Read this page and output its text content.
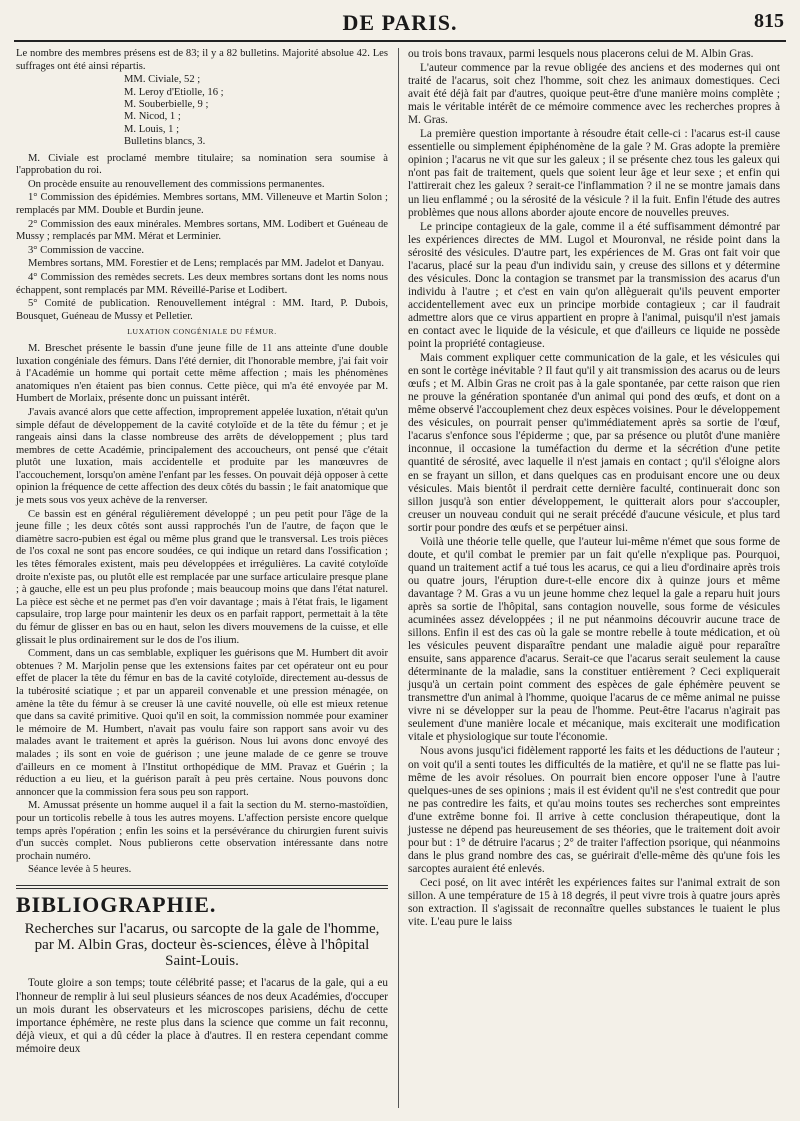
DE PARIS.	815

Le nombre des membres présens est de 83; il y a 82 bulletins. Majorité absolue 42. Les suffrages ont été ainsi répartis.

MM. Civiale, 52 ;
M. Leroy d'Etiolle, 16 ;
M. Souberbielle, 9 ;
M. Nicod, 1 ;
M. Louis, 1 ;
Bulletins blancs, 3.

M. Civiale est proclamé membre titulaire; sa nomination sera soumise à l'approbation du roi.

On procède ensuite au renouvellement des commissions permanentes.

1° Commission des épidémies. Membres sortans, MM. Villeneuve et Martin Solon ; remplacés par MM. Double et Burdin jeune.

2° Commission des eaux minérales. Membres sortans, MM. Lodibert et Guéneau de Mussy ; remplacés par MM. Mérat et Lerminier.

3° Commission de vaccine.

Membres sortans, MM. Forestier et de Lens; remplacés par MM. Jadelot et Danyau.

4° Commission des remèdes secrets. Les deux membres sortans dont les noms nous échappent, sont remplacés par MM. Réveillé-Parise et Lodibert.

5° Comité de publication. Renouvellement intégral : MM. Itard, P. Dubois, Bousquet, Guéneau de Mussy et Pelletier.

LUXATION CONGÉNIALE DU FÉMUR.

M. Breschet présente le bassin d'une jeune fille de 11 ans atteinte d'une double luxation congéniale des fémurs. Dans l'été dernier, dit l'honorable membre, j'ai fait voir à l'Académie un homme qui portait cette même affection ; mais les phénomènes anatomiques n'en étaient pas bien connus. Cette pièce, qui m'a été envoyée par M. Humbert de Morlaix, présente donc un puissant intérêt.

J'avais avancé alors que cette affection, improprement appelée luxation, n'était qu'un simple défaut de développement de la cavité cotyloïde et de la tête du fémur ; et je rangeais ainsi dans la classe nombreuse des arrêts de développement ; plus tard membres de cette Académie, principalement des accoucheurs, ont pensé que c'était plutôt une luxation, mais accidentelle et produite par les manœuvres de l'accouchement, lorsqu'on amène l'enfant par les fesses. On pouvait déjà opposer à cette opinion la fréquence de cette affection des deux côtés du bassin ; le fait anatomique que je mets sous vos yeux achève de la renverser.

Ce bassin est en général régulièrement développé ; un peu petit pour l'âge de la jeune fille ; les deux côtés sont aussi rapprochés l'un de l'autre, de façon que le diamètre sacro-pubien est égal ou même plus grand que le transversal. Les trois pièces de l'os coxal ne sont pas encore soudées, ce qui indique un retard dans l'ossification ; les têtes fémorales existent, mais peu développées et irrégulières. La cavité cotyloïde droite n'existe pas, ou plutôt elle est remplacée par une surface articulaire presque plane ; à gauche, elle est un peu plus profonde ; mais beaucoup moins que dans l'état naturel. La pièce est sèche et ne permet pas d'en voir davantage ; mais à l'état frais, le ligament capsulaire, trop large pour maintenir les deux os en parfait rapport, permettait à la tête du fémur de glisser en bas ou en haut, selon les divers mouvemens de la cuisse, et elle glissait le plus ordinairement sur le dos de l'os ilium.

Comment, dans un cas semblable, expliquer les guérisons que M. Humbert dit avoir obtenues ? M. Marjolin pense que les extensions faites par cet opérateur ont eu pour effet de placer la tête du fémur en bas de la cavité cotyloïde, directement au-dessus de la tubérosité sciatique ; et par un appareil convenable et une pression ménagée, on amène la tête du fémur à se creuser là une cavité nouvelle, où elle est mieux retenue que dans sa cavité primitive. Quoi qu'il en soit, la commission nommée pour examiner le mémoire de M. Humbert, n'avait pas voulu faire son rapport sans avoir vu des malades avant le traitement et après la guérison. Nous lui avons donc envoyé des malades ; ils sont en voie de guérison ; une jeune malade de ce genre se trouve d'ailleurs en ce moment à l'Institut orthopédique de MM. Pravaz et Guérin ; la réduction a eu lieu, et la guérison paraît à peu près certaine. Nous pouvons donc annoncer que la commission fera sous peu son rapport.

M. Amussat présente un homme auquel il a fait la section du M. sterno-mastoïdien, pour un torticolis rebelle à tous les autres moyens. L'affection persiste encore quelque temps après l'opération ; enfin les soins et la persévérance du chirurgien furent suivis d'un succès complet. Nous publierons cette observation intéressante dans notre prochain numéro.

Séance levée à 5 heures.

BIBLIOGRAPHIE.
Recherches sur l'acarus, ou sarcopte de la gale de l'homme, par M. Albin Gras, docteur ès-sciences, élève à l'hôpital Saint-Louis.

Toute gloire a son temps; toute célébrité passe; et l'acarus de la gale, qui a eu l'honneur de remplir à lui seul plusieurs séances de nos deux Académies, d'occuper un mois durant les observateurs et les microscopes parisiens, déchu de cette importance éphémère, ne reste plus dans la science que comme un fait reconnu, déjà vieux, et qui a dû céder la place à d'autres. Il en restera cependant comme mémoire deux

ou trois bons travaux, parmi lesquels nous placerons celui de M. Albin Gras.

L'auteur commence par la revue obligée des anciens et des modernes qui ont traité de l'acarus, soit chez l'homme, soit chez les animaux domestiques. Ceci avait été déjà fait par d'autres, quoique peut-être d'une manière moins complète ; mais le véritable intérêt de ce mémoire commence avec les recherches propres à M. Gras.

La première question importante à résoudre était celle-ci : l'acarus est-il cause essentielle ou simplement épiphénomène de la gale ? M. Gras adopte la première opinion ; l'acarus ne vit que sur les galeux ; il se présente chez tous les galeux qui n'ont pas fait de traitement, quels que soient leur âge et leur sexe ; et enfin qui l'attirerait chez les galeux ? serait-ce l'inflammation ? il ne se montre jamais dans un lieu enflammé ; ou la sérosité de la vésicule ? il la fuit. Enfin l'étude des autres problèmes que nous allons aborder ajoute encore de nouvelles preuves.

Le principe contagieux de la gale, comme il a été suffisamment démontré par les expériences directes de MM. Lugol et Mouronval, ne réside point dans la sérosité des vésicules. D'autre part, les expériences de M. Gras ont fait voir que l'acarus, placé sur la peau d'un individu sain, y creuse des sillons et y détermine des vésicules. Donc la contagion se transmet par la transmission des acarus d'un individu à l'autre ; et c'est en vain qu'on allèguerait qu'ils peuvent emporter accidentellement avec eux un principe morbide contagieux ; car il faudrait admettre alors que ce virus appartient en propre à l'animal, puisqu'il n'est jamais en contact avec le liquide de la vésicule, et que d'ailleurs ce liquide ne possède point la propriété contagieuse.

Mais comment expliquer cette communication de la gale, et les vésicules qui en sont le cortège inévitable ? Il faut qu'il y ait transmission des acarus ou de leurs œufs ; et M. Albin Gras ne croit pas à la gale spontanée, par cette raison que rien ne prouve la génération spontanée d'un animal qui pond des œufs, et dont on a même observé l'accouplement chez deux espèces voisines. Pour le développement des vésicules, on pourrait penser qu'immédiatement après sa sortie de l'œuf, l'acarus s'enfonce sous l'épiderme ; que, par sa présence ou plutôt d'une manière inconnue, il occasione la tuméfaction du derme et la sécrétion d'une petite quantité de sérosité, avec laquelle il n'est jamais en contact ; qu'il s'éloigne alors en se frayant un sillon, et dans quelques cas en produisant encore une ou deux vésicules. Mais bientôt il perdrait cette dernière faculté, continuerait donc son sillon jusqu'à son entier développement, le quitterait alors pour s'accoupler, creuser un nouveau conduit qui ne serait précédé d'aucune vésicule, et plus tard sortir pour pondre des œufs et se perpétuer ainsi.

Voilà une théorie telle quelle, que l'auteur lui-même n'émet que sous forme de doute, et qu'il combat le premier par un fait qu'elle n'explique pas. Pourquoi, quand un traitement actif a tué tous les acarus, ce qui a lieu d'ordinaire après trois ou quatre jours, l'éruption dure-t-elle encore dix à quinze jours et même davantage ? M. Gras a vu un jeune homme chez lequel la gale a reparu huit jours après sa sortie de l'hôpital, sans contagion nouvelle, sous forme de vésicules acuminées assez développées ; il ne put néanmoins découvrir aucune trace de sillons. Enfin il est des cas où la gale se montre rebelle à toute médication, et où les vésicules peuvent disparaître pendant une maladie aiguë pour reparaître ensuite, sans apparence d'acarus. Serait-ce que l'acarus serait seulement la cause déterminante de la maladie, sans la constituer entièrement ? Ceci expliquerait jusqu'à un certain point comment des espèces de gale éphémère peuvent se transmettre d'un animal à l'homme, quoique l'acarus de ce même animal ne puisse vivre ni se développer sur la peau de l'homme. Peut-être l'acarus n'agirait pas seulement d'une manière locale et mécanique, mais exciterait une modification vitale et physiologique sur toute l'économie.

Nous avons jusqu'ici fidèlement rapporté les faits et les déductions de l'auteur ; on voit qu'il a senti toutes les difficultés de la matière, et qu'il ne se flatte pas lui-même de les avoir résolues. On pourrait bien encore opposer l'une à l'autre quelques-unes de ses opinions ; mais il est évident qu'il ne s'est contredit que pour ne pas contredire les faits, et qu'au moins toutes ses recherches sont empreintes d'une extrême bonne foi. Il arrive à cette conclusion thérapeutique, dont la justesse ne dépend pas heureusement de ses théories, que le traitement doit avoir pour but : 1° de détruire l'acarus ; 2° de traiter l'affection psorique, qui néanmoins dans le plus grand nombre des cas, se guérirait d'elle-même dès qu'une fois les sarcoptes auraient été enlevés.

Ceci posé, on lit avec intérêt les expériences faites sur l'animal extrait de son sillon. A une température de 15 à 18 degrés, il peut vivre trois à quatre jours après son extraction. Il s'agissait de reconnaître quelles substances le tuaient le plus vite. L'eau pure le laiss
